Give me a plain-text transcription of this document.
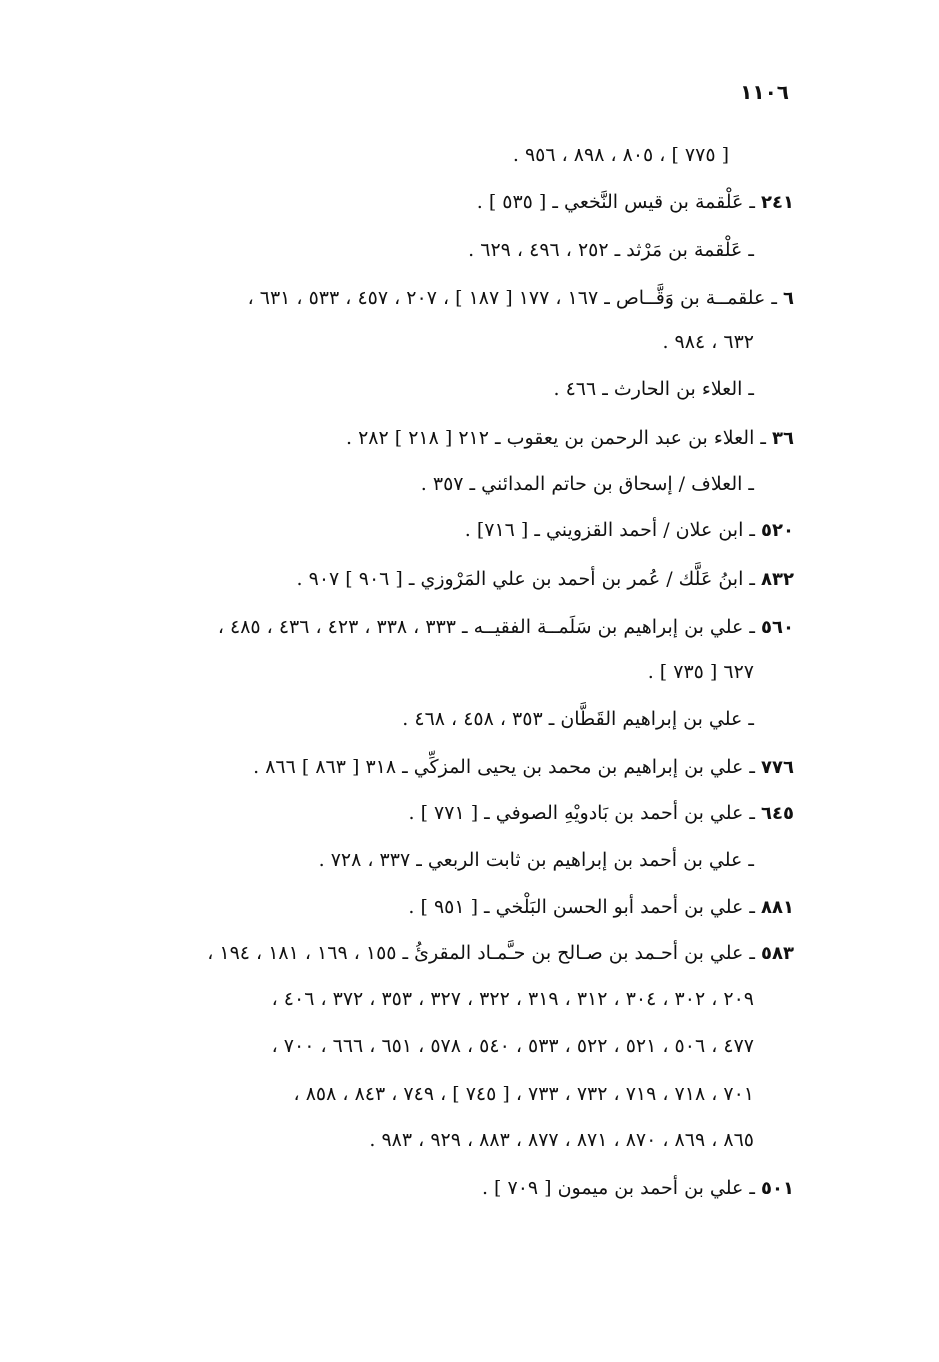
١١٠٦
[ ٧٧٥ ] ، ٨٠٥ ، ٨٩٨ ، ٩٥٦ .
٢٤١ ـ عَلْقمة بن قيس النَّخعي ـ [ ٥٣٥ ] .
ـ عَلْقمة بن مَرْثد ـ ٢٥٢ ، ٤٩٦ ، ٦٢٩ .
٦ ـ علقمــة بن وَقَّــاص ـ ١٦٧ ، ١٧٧ [ ١٨٧ ] ، ٢٠٧ ، ٤٥٧ ، ٥٣٣ ، ٦٣١ ،
٦٣٢ ، ٩٨٤ .
ـ العلاء بن الحارث ـ ٤٦٦ .
٣٦ ـ العلاء بن عبد الرحمن بن يعقوب ـ ٢١٢ [ ٢١٨ ] ٢٨٢ .
ـ العلاف / إسحاق بن حاتم المدائني ـ ٣٥٧ .
٥٢٠ ـ ابن علان / أحمد القزويني ـ [ ٧١٦] .
٨٣٢ ـ ابنُ عَلَّك / عُمر بن أحمد بن علي المَرْوزي ـ [ ٩٠٦ ] ٩٠٧ .
٥٦٠ ـ علي بن إبراهيم بن سَلَمــة الفقيــه ـ ٣٣٣ ، ٣٣٨ ، ٤٢٣ ، ٤٣٦ ، ٤٨٥ ،
٦٢٧ [ ٧٣٥ ] .
ـ علي بن إبراهيم القَطَّان ـ ٣٥٣ ، ٤٥٨ ، ٤٦٨ .
٧٧٦ ـ علي بن إبراهيم بن محمد بن يحيى المزكِّي ـ ٣١٨ [ ٨٦٣ ] ٨٦٦ .
٦٤٥ ـ علي بن أحمد بن بَادويْهِ الصوفي ـ [ ٧٧١ ] .
ـ علي بن أحمد بن إبراهيم بن ثابت الربعي ـ ٣٣٧ ، ٧٢٨ .
٨٨١ ـ علي بن أحمد أبو الحسن البَلْخي ـ [ ٩٥١ ] .
٥٨٣ ـ علي بن أحـمد بن صـالح بن حـَّمـاد المقرئُ ـ ١٥٥ ، ١٦٩ ، ١٨١ ، ١٩٤ ،
٢٠٩ ، ٣٠٢ ، ٣٠٤ ، ٣١٢ ، ٣١٩ ، ٣٢٢ ، ٣٢٧ ، ٣٥٣ ، ٣٧٢ ، ٤٠٦ ،
٤٧٧ ، ٥٠٦ ، ٥٢١ ، ٥٢٢ ، ٥٣٣ ، ٥٤٠ ، ٥٧٨ ، ٦٥١ ، ٦٦٦ ، ٧٠٠ ،
٧٠١ ، ٧١٨ ، ٧١٩ ، ٧٣٢ ، ٧٣٣ ، [ ٧٤٥ ] ، ٧٤٩ ، ٨٤٣ ، ٨٥٨ ،
٨٦٥ ، ٨٦٩ ، ٨٧٠ ، ٨٧١ ، ٨٧٧ ، ٨٨٣ ، ٩٢٩ ، ٩٨٣ .
٥٠١ ـ علي بن أحمد بن ميمون [ ٧٠٩ ] .
